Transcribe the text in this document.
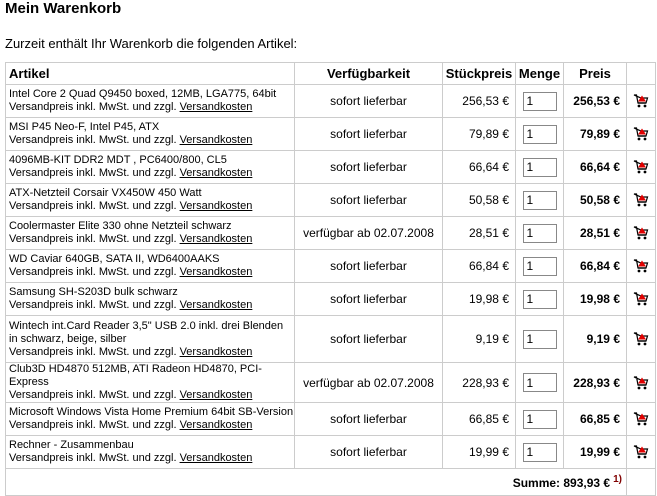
Mein Warenkorb
Zurzeit enthält Ihr Warenkorb die folgenden Artikel:
Artikel	Verfügbarkeit	Stückpreis	Menge	Preis	
Intel Core 2 Quad Q9450 boxed, 12MB, LGA775, 64bit
Versandpreis inkl. MwSt. und zzgl. Versandkosten	sofort lieferbar	256,53 €	1	256,53 €	
MSI P45 Neo-F, Intel P45, ATX
Versandpreis inkl. MwSt. und zzgl. Versandkosten	sofort lieferbar	79,89 €	1	79,89 €	
4096MB-KIT DDR2 MDT , PC6400/800, CL5
Versandpreis inkl. MwSt. und zzgl. Versandkosten	sofort lieferbar	66,64 €	1	66,64 €	
ATX-Netzteil Corsair VX450W 450 Watt
Versandpreis inkl. MwSt. und zzgl. Versandkosten	sofort lieferbar	50,58 €	1	50,58 €	
Coolermaster Elite 330 ohne Netzteil schwarz
Versandpreis inkl. MwSt. und zzgl. Versandkosten	verfügbar ab 02.07.2008	28,51 €	1	28,51 €	
WD Caviar 640GB, SATA II, WD6400AAKS
Versandpreis inkl. MwSt. und zzgl. Versandkosten	sofort lieferbar	66,84 €	1	66,84 €	
Samsung SH-S203D bulk schwarz
Versandpreis inkl. MwSt. und zzgl. Versandkosten	sofort lieferbar	19,98 €	1	19,98 €	
Wintech int.Card Reader 3,5" USB 2.0 inkl. drei Blenden in schwarz, beige, silber
Versandpreis inkl. MwSt. und zzgl. Versandkosten	sofort lieferbar	9,19 €	1	9,19 €	
Club3D HD4870 512MB, ATI Radeon HD4870, PCI-Express
Versandpreis inkl. MwSt. und zzgl. Versandkosten	verfügbar ab 02.07.2008	228,93 €	1	228,93 €	
Microsoft Windows Vista Home Premium 64bit SB-Version
Versandpreis inkl. MwSt. und zzgl. Versandkosten	sofort lieferbar	66,85 €	1	66,85 €	
Rechner - Zusammenbau
Versandpreis inkl. MwSt. und zzgl. Versandkosten	sofort lieferbar	19,99 €	1	19,99 €	
Summe: 893,93 € $^{1)}$	
